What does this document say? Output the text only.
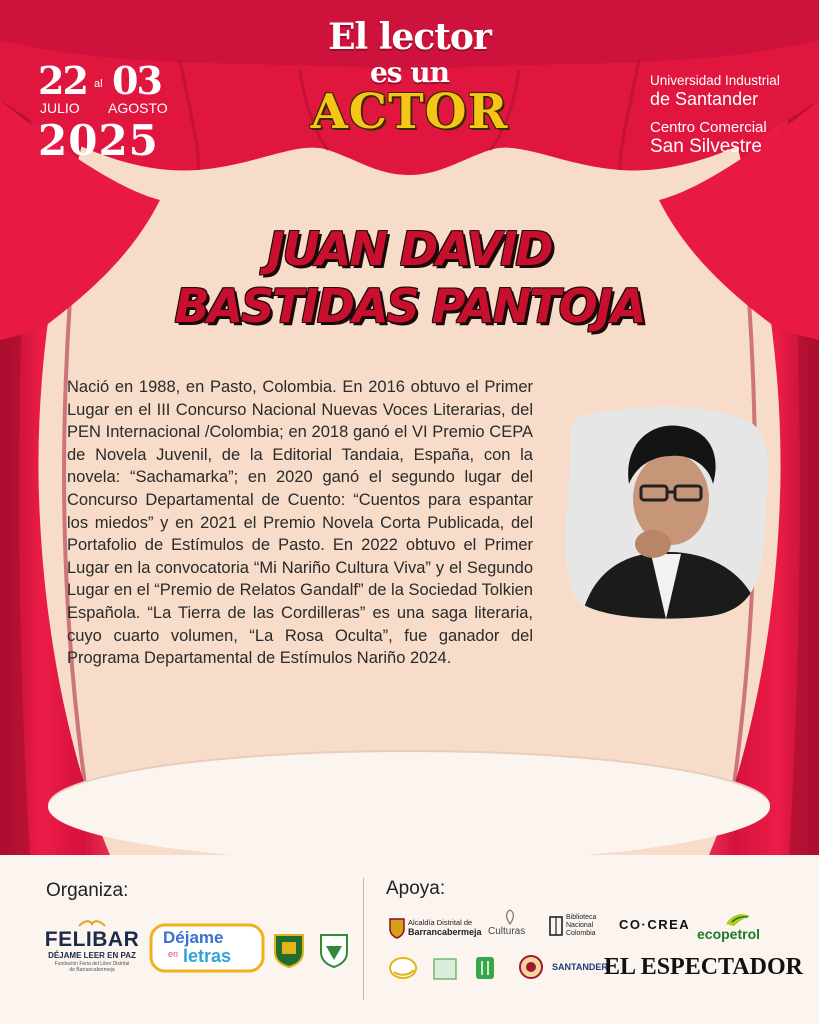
El lector
es un
ACTOR
22 al 03
JULIO AGOSTO
2025
Universidad Industrial
de Santander
Centro Comercial
San Silvestre
JUAN DAVID
BASTIDAS PANTOJA
Nació en 1988, en Pasto, Colombia. En 2016 obtuvo el Primer Lugar en el III Concurso Nacional Nuevas Voces Literarias, del PEN Internacional /Colombia; en 2018 ganó el VI Premio CEPA de Novela Juvenil, de la Editorial Tandaia, España, con la novela: “Sachamarka”; en 2020 ganó el segundo lugar del Concurso Departamental de Cuento: “Cuentos para espantar los miedos” y en 2021 el Premio Novela Corta Publicada, del Portafolio de Estímulos de Pasto. En 2022 obtuvo el Primer Lugar en la convocatoria “Mi Nariño Cultura Viva” y el Segundo Lugar en el “Premio de Relatos Gandalf” de la Sociedad Tolkien Española. “La Tierra de las Cordilleras” es una saga literaria, cuyo cuarto volumen, “La Rosa Oculta”, fue ganador del Programa Departamental de Estímulos Nariño 2024.
Organiza:	Apoya:
FELIBAR
DÉJAME LEER EN PAZ
Fundación Feria del Libro Distrital
de Barrancabermeja
Déjame
en letras
Alcaldía Distrital de
Barrancabermeja Culturas
Biblioteca
Nacional
Colombia
CO·CREA
ecopetrol
SANTANDER
EL ESPECTADOR
